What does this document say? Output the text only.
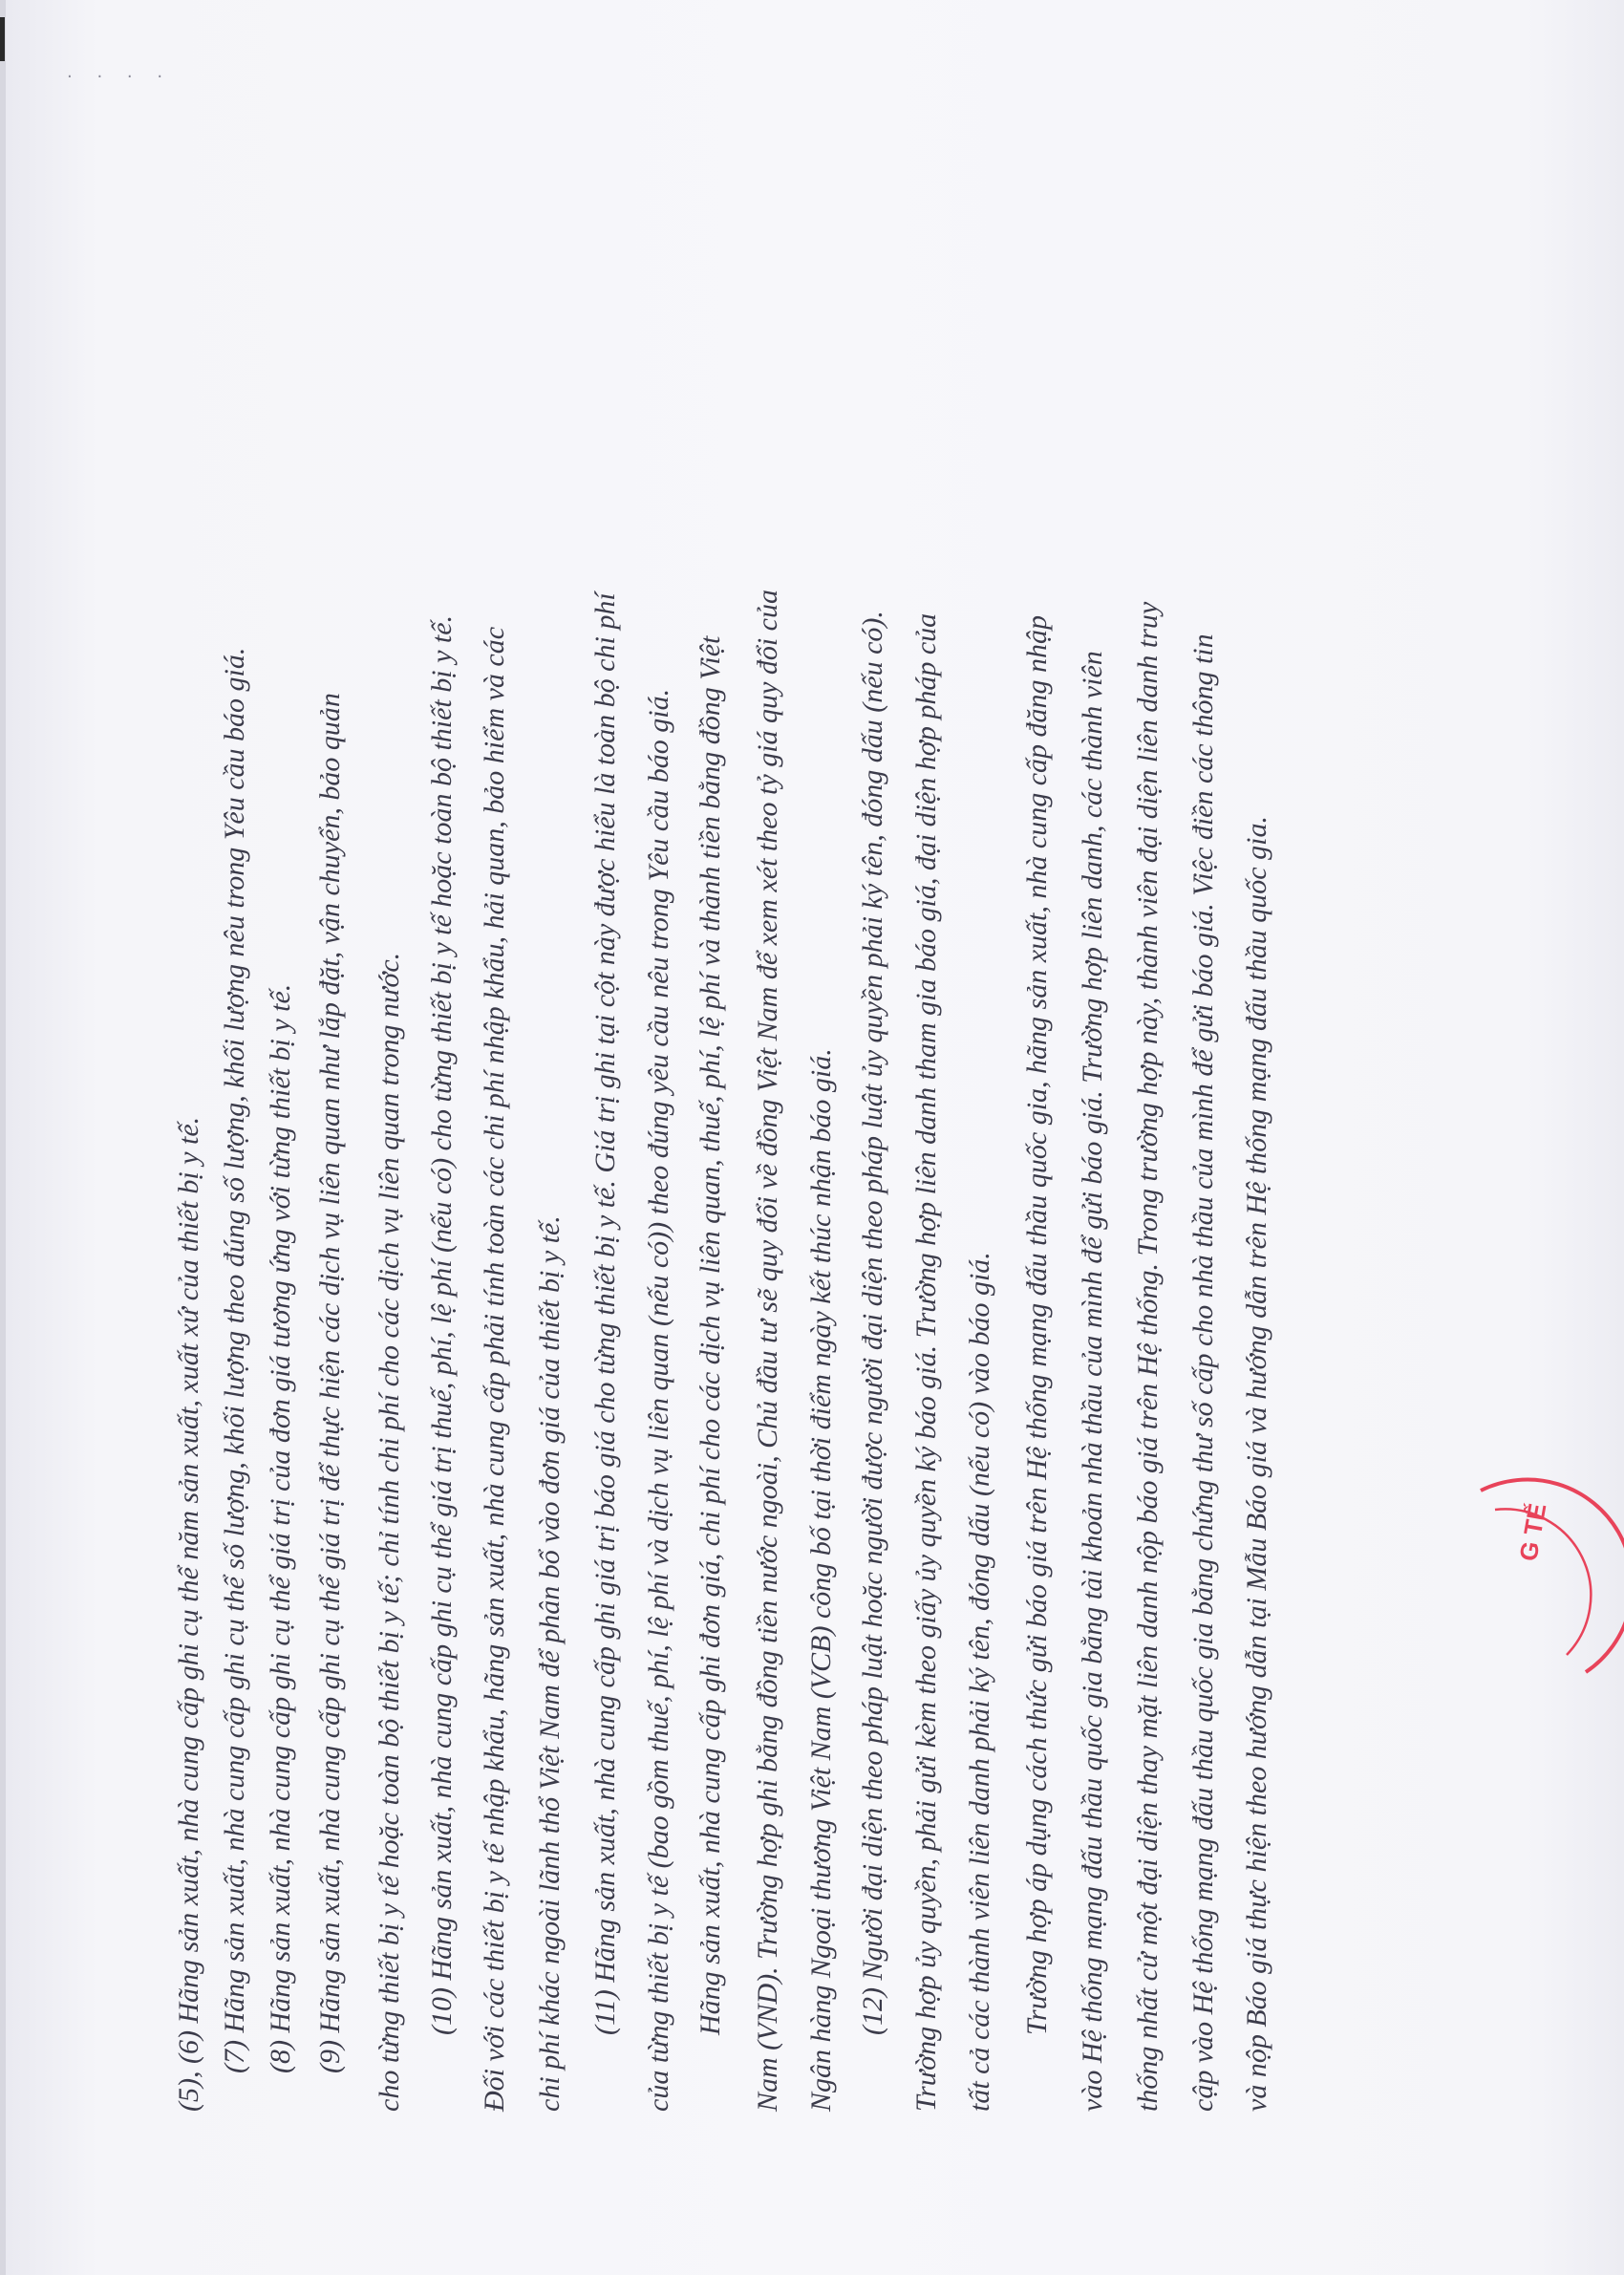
· · · ·
(5), (6) Hãng sản xuất, nhà cung cấp ghi cụ thể năm sản xuất, xuất xứ của thiết bị y tế. (7) Hãng sản xuất, nhà cung cấp ghi cụ thể số lượng, khối lượng theo đúng số lượng, khối lượng nêu trong Yêu cầu báo giá. (8) Hãng sản xuất, nhà cung cấp ghi cụ thể giá trị của đơn giá tương ứng với từng thiết bị y tế. (9) Hãng sản xuất, nhà cung cấp ghi cụ thể giá trị để thực hiện các dịch vụ liên quan như lắp đặt, vận chuyển, bảo quản cho từng thiết bị y tế hoặc toàn bộ thiết bị y tế; chỉ tính chi phí cho các dịch vụ liên quan trong nước. (10) Hãng sản xuất, nhà cung cấp ghi cụ thể giá trị thuế, phí, lệ phí (nếu có) cho từng thiết bị y tế hoặc toàn bộ thiết bị y tế. Đối với các thiết bị y tế nhập khẩu, hãng sản xuất, nhà cung cấp phải tính toàn các chi phí nhập khẩu, hải quan, bảo hiểm và các chi phí khác ngoài lãnh thổ Việt Nam để phân bổ vào đơn giá của thiết bị y tế. (11) Hãng sản xuất, nhà cung cấp ghi giá trị báo giá cho từng thiết bị y tế. Giá trị ghi tại cột này được hiểu là toàn bộ chi phí của từng thiết bị y tế (bao gồm thuế, phí, lệ phí và dịch vụ liên quan (nếu có)) theo đúng yêu cầu nêu trong Yêu cầu báo giá. Hãng sản xuất, nhà cung cấp ghi đơn giá, chi phí cho các dịch vụ liên quan, thuế, phí, lệ phí và thành tiền bằng đồng Việt Nam (VND). Trường hợp ghi bằng đồng tiền nước ngoài, Chủ đầu tư sẽ quy đổi về đồng Việt Nam để xem xét theo tỷ giá quy đổi của Ngân hàng Ngoại thương Việt Nam (VCB) công bố tại thời điểm ngày kết thúc nhận báo giá. (12) Người đại diện theo pháp luật hoặc người được người đại diện theo pháp luật ủy quyền phải ký tên, đóng dấu (nếu có). Trường hợp ủy quyền, phải gửi kèm theo giấy ủy quyền ký báo giá. Trường hợp liên danh tham gia báo giá, đại diện hợp pháp của tất cả các thành viên liên danh phải ký tên, đóng dấu (nếu có) vào báo giá. Trường hợp áp dụng cách thức gửi báo giá trên Hệ thống mạng đấu thầu quốc gia, hãng sản xuất, nhà cung cấp đăng nhập vào Hệ thống mạng đấu thầu quốc gia bằng tài khoản nhà thầu của mình để gửi báo giá. Trường hợp liên danh, các thành viên thống nhất cử một đại diện thay mặt liên danh nộp báo giá trên Hệ thống. Trong trường hợp này, thành viên đại diện liên danh truy cập vào Hệ thống mạng đấu thầu quốc gia bằng chứng thư số cấp cho nhà thầu của mình để gửi báo giá. Việc điền các thông tin và nộp Báo giá thực hiện theo hướng dẫn tại Mẫu Báo giá và hướng dẫn trên Hệ thống mạng đấu thầu quốc gia.	G TẾ
